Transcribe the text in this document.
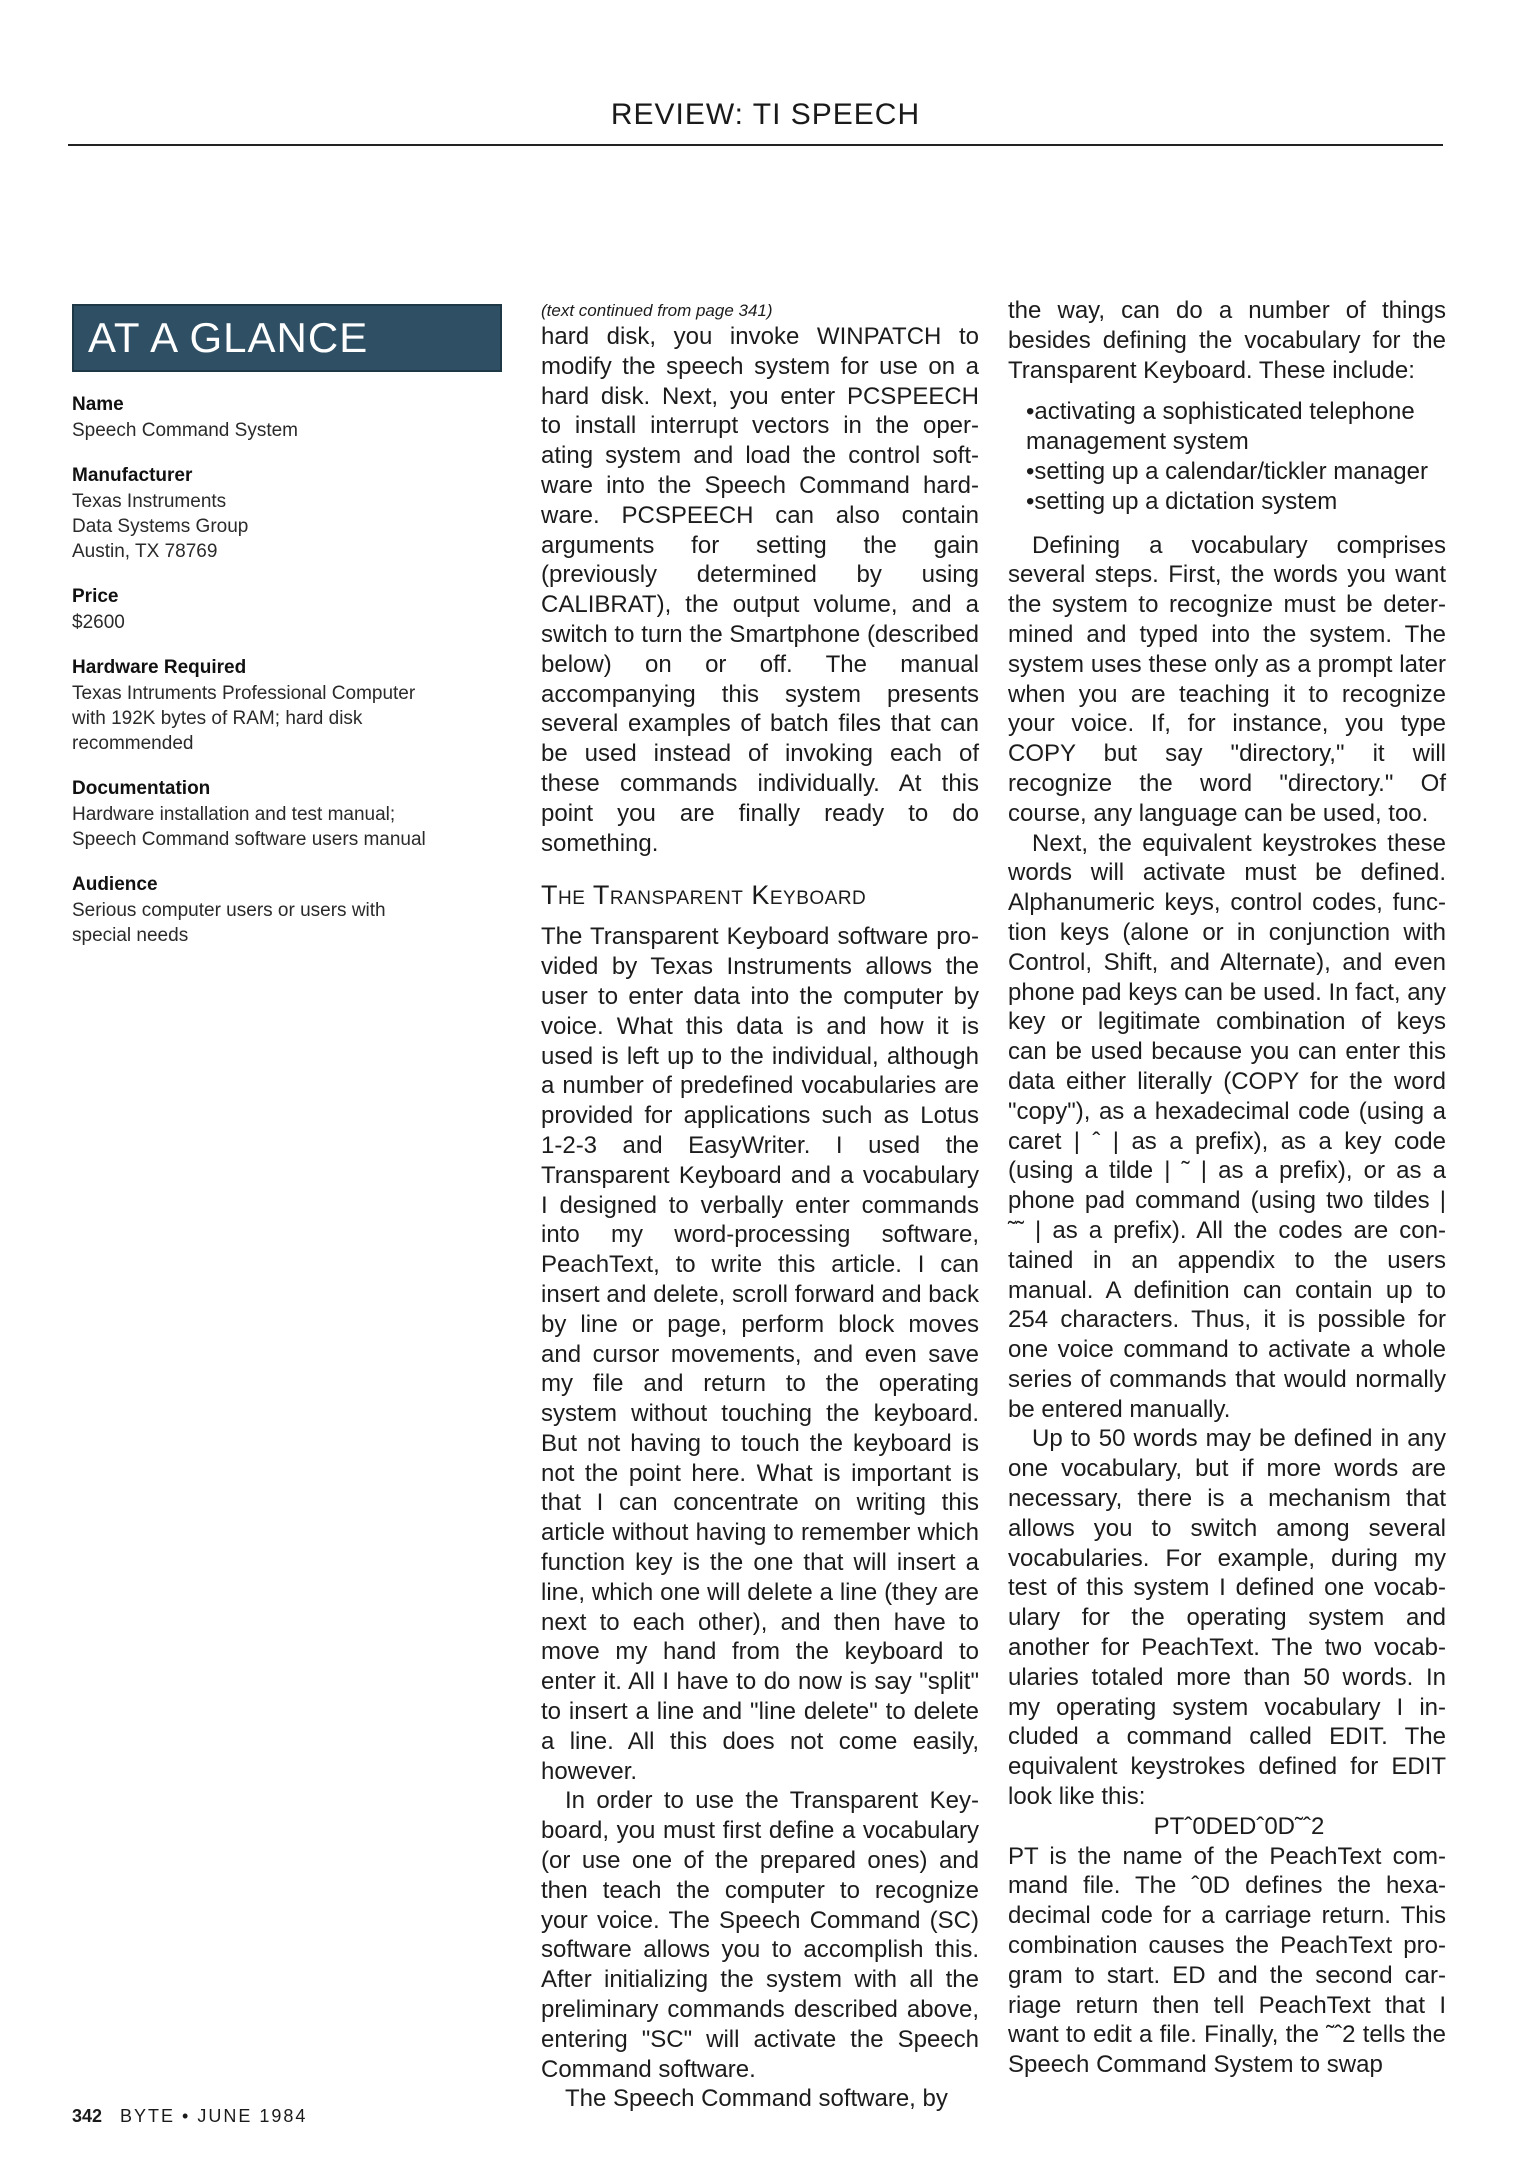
REVIEW: TI SPEECH
AT A GLANCE
Name
Speech Command System
Manufacturer
Texas Instruments
Data Systems Group
Austin, TX 78769
Price
$2600
Hardware Required
Texas Intruments Professional Computer
with 192K bytes of RAM; hard disk
recommended
Documentation
Hardware installation and test manual;
Speech Command software users manual
Audience
Serious computer users or users with
special needs
(text continued from page 341)

hard disk, you invoke WINPATCH to modify the speech system for use on a hard disk. Next, you enter PCSPEECH to install interrupt vectors in the operating system and load the control software into the Speech Command hardware. PCSPEECH can also contain arguments for setting the gain (previously determined by using CALIBRAT), the output volume, and a switch to turn the Smartphone (described below) on or off. The manual accompanying this system presents several examples of batch files that can be used instead of invoking each of these commands individually. At this point you are finally ready to do something.

The Transparent Keyboard

The Transparent Keyboard software provided by Texas Instruments allows the user to enter data into the computer by voice. What this data is and how it is used is left up to the individual, although a number of predefined vocabularies are provided for applications such as Lotus 1-2-3 and EasyWriter. I used the Transparent Keyboard and a vocabulary I designed to verbally enter commands into my word-processing software, PeachText, to write this article. I can insert and delete, scroll forward and back by line or page, perform block moves and cursor movements, and even save my file and return to the operating system without touching the keyboard. But not having to touch the keyboard is not the point here. What is important is that I can concentrate on writing this article without having to remember which function key is the one that will insert a line, which one will delete a line (they are next to each other), and then have to move my hand from the keyboard to enter it. All I have to do now is say "split" to insert a line and "line delete" to delete a line. All this does not come easily, however.

In order to use the Transparent Keyboard, you must first define a vocabulary (or use one of the prepared ones) and then teach the computer to recognize your voice. The Speech Command (SC) software allows you to accomplish this. After initializing the system with all the preliminary commands described above, entering "SC" will activate the Speech Command software.

The Speech Command software, by

the way, can do a number of things besides defining the vocabulary for the Transparent Keyboard. These include:

•activating a sophisticated telephone management system
•setting up a calendar/tickler manager
•setting up a dictation system

Defining a vocabulary comprises several steps. First, the words you want the system to recognize must be determined and typed into the system. The system uses these only as a prompt later when you are teaching it to recognize your voice. If, for instance, you type COPY but say "directory," it will recognize the word "directory." Of course, any language can be used, too.

Next, the equivalent keystrokes these words will activate must be defined. Alphanumeric keys, control codes, function keys (alone or in conjunction with Control, Shift, and Alternate), and even phone pad keys can be used. In fact, any key or legitimate combination of keys can be used because you can enter this data either literally (COPY for the word "copy"), as a hexadecimal code (using a caret | ˆ | as a prefix), as a key code (using a tilde | ˜ | as a prefix), or as a phone pad command (using two tildes | ˜˜ | as a prefix). All the codes are contained in an appendix to the users manual. A definition can contain up to 254 characters. Thus, it is possible for one voice command to activate a whole series of commands that would normally be entered manually.

Up to 50 words may be defined in any one vocabulary, but if more words are necessary, there is a mechanism that allows you to switch among several vocabularies. For example, during my test of this system I defined one vocabulary for the operating system and another for PeachText. The two vocabularies totaled more than 50 words. In my operating system vocabulary I included a command called EDIT. The equivalent keystrokes defined for EDIT look like this:

PTˆ0DEDˆ0D˜ˆ2

PT is the name of the PeachText command file. The ˆ0D defines the hexadecimal code for a carriage return. This combination causes the PeachText program to start. ED and the second carriage return then tell PeachText that I want to edit a file. Finally, the ˜ˆ2 tells the Speech Command System to swap

342 BYTE • JUNE 1984
